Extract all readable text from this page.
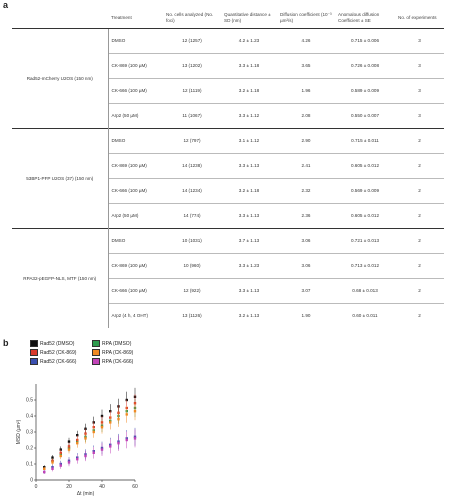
a
	Treatment	No. cells analyzed (No. foci)	Quantitative distance ± SD (nm)	Diffusion coefficient (10⁻³ µm²/s)	Anomalous diffusion Coefficient ± SE	No. of experiments
Rad52-mCherry U2OS (150 nm)	DMSO	12 (1257)	4.2 ± 1.23	4.26	0.715 ± 0.006	3
	CK-869 (100 µM)	13 (1202)	3.3 ± 1.18	3.65	0.726 ± 0.008	3
	CK-666 (100 µM)	12 (1119)	3.2 ± 1.18	1.96	0.589 ± 0.009	3
	Arp2 (50 µM)	11 (1067)	3.3 ± 1.12	2.08	0.550 ± 0.007	3
53BP1-PFP U2OS (37) (150 nm)	DMSO	12 (797)	3.1 ± 1.12	2.90	0.715 ± 0.011	2
	CK-869 (100 µM)	14 (1238)	3.3 ± 1.13	2.41	0.605 ± 0.012	2
	CK-666 (100 µM)	14 (1234)	3.2 ± 1.18	2.32	0.569 ± 0.009	2
	Arp2 (50 µM)	14 (774)	3.3 ± 1.13	2.36	0.605 ± 0.012	2
RPA32-pEGFP-NLS, MTF (150 nm)	DMSO	10 (1031)	3.7 ± 1.13	3.06	0.721 ± 0.013	2
	CK-869 (100 µM)	10 (960)	3.3 ± 1.23	3.06	0.713 ± 0.012	2
	CK-666 (100 µM)	12 (922)	3.3 ± 1.13	3.07	0.68 ± 0.013	2
	Arp2 (4 h, 4 OHT)	13 (1126)	3.2 ± 1.13	1.90	0.60 ± 0.011	2
b	Rad52 (DMSO)	RPA (DMSO)
Rad52 (CK-869)	RPA (CK-869)
Rad52 (CK-666)	RPA (CK-666)
0	20	40	60
0
0.1
0.2
0.3
0.4
0.5
Δt (min)
MSD (µm²)
